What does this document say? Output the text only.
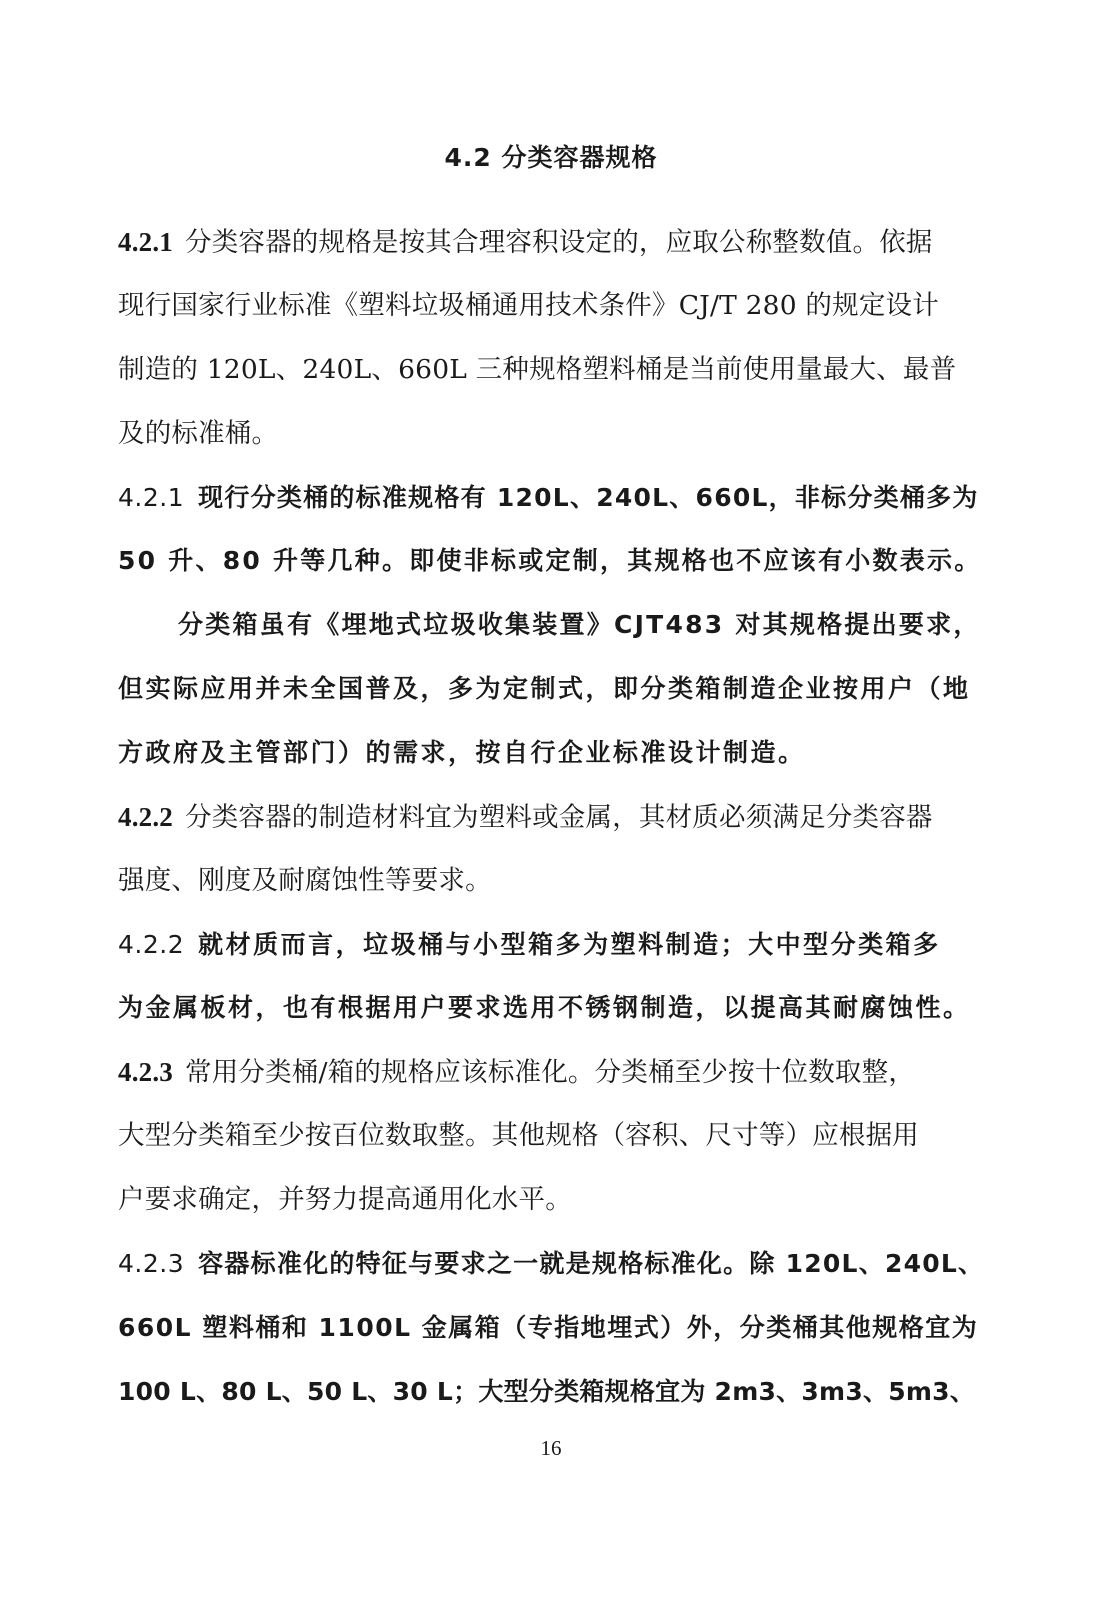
4.2 分类容器规格
4.2.1 分类容器的规格是按其合理容积设定的，应取公称整数值。依据
现行国家行业标准《塑料垃圾桶通用技术条件》CJ/T 280 的规定设计
制造的 120L、240L、660L 三种规格塑料桶是当前使用量最大、最普
及的标准桶。
4.2.1 现行分类桶的标准规格有 120L、240L、660L，非标分类桶多为
50 升、80 升等几种。即使非标或定制，其规格也不应该有小数表示。
分类箱虽有《埋地式垃圾收集装置》CJT483 对其规格提出要求，
但实际应用并未全国普及，多为定制式，即分类箱制造企业按用户（地
方政府及主管部门）的需求，按自行企业标准设计制造。
4.2.2 分类容器的制造材料宜为塑料或金属，其材质必须满足分类容器
强度、刚度及耐腐蚀性等要求。
4.2.2 就材质而言，垃圾桶与小型箱多为塑料制造；大中型分类箱多
为金属板材，也有根据用户要求选用不锈钢制造，以提高其耐腐蚀性。
4.2.3 常用分类桶/箱的规格应该标准化。分类桶至少按十位数取整，
大型分类箱至少按百位数取整。其他规格（容积、尺寸等）应根据用
户要求确定，并努力提高通用化水平。
4.2.3 容器标准化的特征与要求之一就是规格标准化。除 120L、240L、
660L 塑料桶和 1100L 金属箱（专指地埋式）外，分类桶其他规格宜为
100 L、80 L、50 L、30 L；大型分类箱规格宜为 2m3、3m3、5m3、
16
